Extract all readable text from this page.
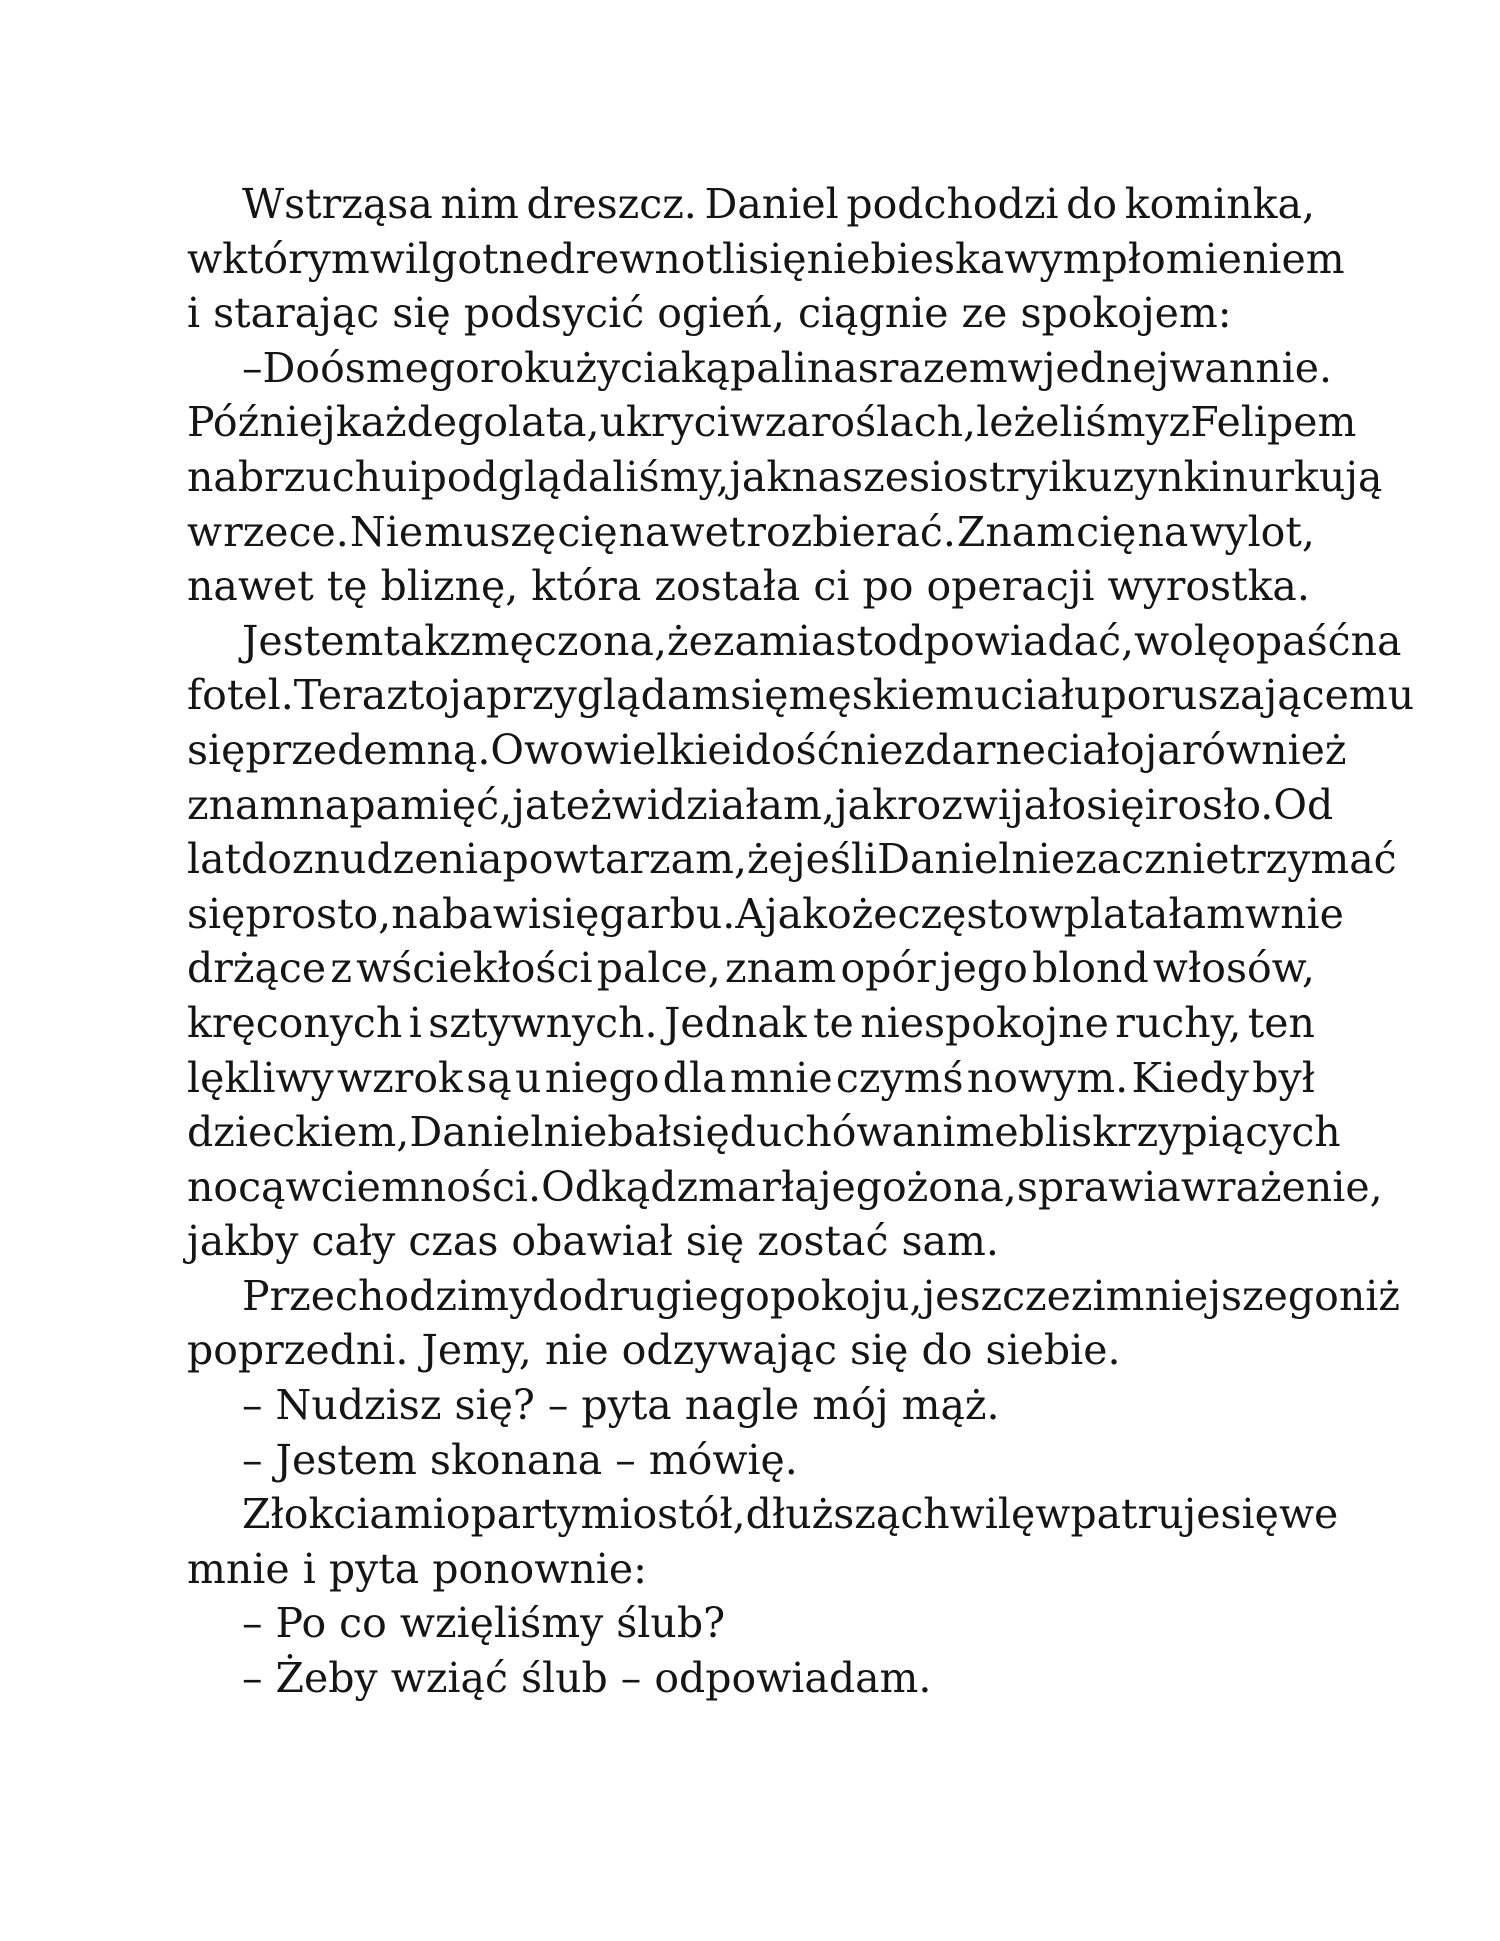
Wstrząsa nim dreszcz. Daniel podchodzi do kominka,
w którym wilgotne drewno tli się niebieskawym płomieniem
i starając się podsycić ogień, ciągnie ze spokojem:
– Do ósmego roku życia kąpali nas razem w jednej wannie.
Później każdego lata, ukryci w zaroślach, leżeliśmy z Felipem
na brzuchu i podglądaliśmy, jak nasze siostry i kuzynki nurkują
w rzece. Nie muszę cię nawet rozbierać. Znam cię na wylot,
nawet tę bliznę, która została ci po operacji wyrostka.
Jestem tak zmęczona, że zamiast odpowiadać, wolę opaść na
fotel. Teraz to ja przyglądam się męskiemu ciału poruszającemu
się przede mną. Owo wielkie i dość niezdarne ciało ja również
znam na pamięć, ja też widziałam, jak rozwijało się i rosło. Od
lat do znudzenia powtarzam, że jeśli Daniel nie zacznie trzymać
się prosto, nabawi się garbu. A jako że często wplatałam w nie
drżące z wściekłości palce, znam opór jego blond włosów,
kręconych i sztywnych. Jednak te niespokojne ruchy, ten
lękliwy wzrok są u niego dla mnie czymś nowym. Kiedy był
dzieckiem, Daniel nie bał się duchów ani mebli skrzypiących
nocą w ciemności. Odkąd zmarła jego żona, sprawia wrażenie,
jakby cały czas obawiał się zostać sam.
Przechodzimy do drugiego pokoju, jeszcze zimniejszego niż
poprzedni. Jemy, nie odzywając się do siebie.
– Nudzisz się? – pyta nagle mój mąż.
– Jestem skonana – mówię.
Z łokciami opartymi o stół, dłuższą chwilę wpatruje się we
mnie i pyta ponownie:
– Po co wzięliśmy ślub?
– Żeby wziąć ślub – odpowiadam.
